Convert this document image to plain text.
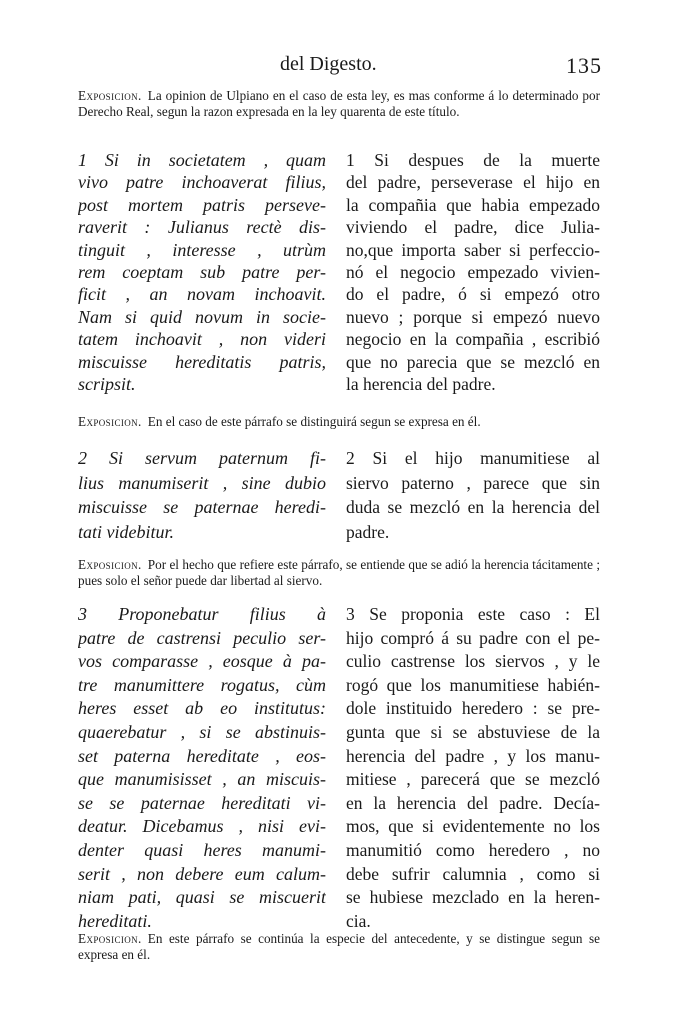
del Digesto.	135
Exposicion. La opinion de Ulpiano en el caso de esta ley, es mas conforme á lo determinado por Derecho Real, segun la razon expresada en la ley quarenta de este título.
1 Si in societatem , quam
vivo patre inchoaverat filius,
post mortem patris perseve-
raverit : Julianus rectè dis-
tinguit , interesse , utrùm
rem coeptam sub patre per-
ficit , an novam inchoavit.
Nam si quid novum in socie-
tatem inchoavit , non videri
miscuisse hereditatis patris,
scripsit.
1 Si despues de la muerte
del padre, perseverase el hijo en
la compañia que habia empezado
viviendo el padre, dice Julia-
no,que importa saber si perfeccio-
nó el negocio empezado vivien-
do el padre, ó si empezó otro
nuevo ; porque si empezó nuevo
negocio en la compañia , escribió
que no parecia que se mezcló en
la herencia del padre.
Exposicion. En el caso de este párrafo se distinguirá segun se expresa en él.
2 Si servum paternum fi-
lius manumiserit , sine dubio
miscuisse se paternae heredi-
tati videbitur.
2 Si el hijo manumitiese al
siervo paterno , parece que sin
duda se mezcló en la herencia del
padre.
Exposicion. Por el hecho que refiere este párrafo, se entiende que se adió la herencia tácitamente ; pues solo el señor puede dar libertad al siervo.
3 Proponebatur filius à
patre de castrensi peculio ser-
vos comparasse , eosque à pa-
tre manumittere rogatus, cùm
heres esset ab eo institutus:
quaerebatur , si se abstinuis-
set paterna hereditate , eos-
que manumisisset , an miscuis-
se se paternae hereditati vi-
deatur. Dicebamus , nisi evi-
denter quasi heres manumi-
serit , non debere eum calum-
niam pati, quasi se miscuerit
hereditati.
3 Se proponia este caso : El
hijo compró á su padre con el pe-
culio castrense los siervos , y le
rogó que los manumitiese habién-
dole instituido heredero : se pre-
gunta que si se abstuviese de la
herencia del padre , y los manu-
mitiese , parecerá que se mezcló
en la herencia del padre. Decía-
mos, que si evidentemente no los
manumitió como heredero , no
debe sufrir calumnia , como si
se hubiese mezclado en la heren-
cia.
Exposicion. En este párrafo se continúa la especie del antecedente, y se distingue segun se expresa en él.
